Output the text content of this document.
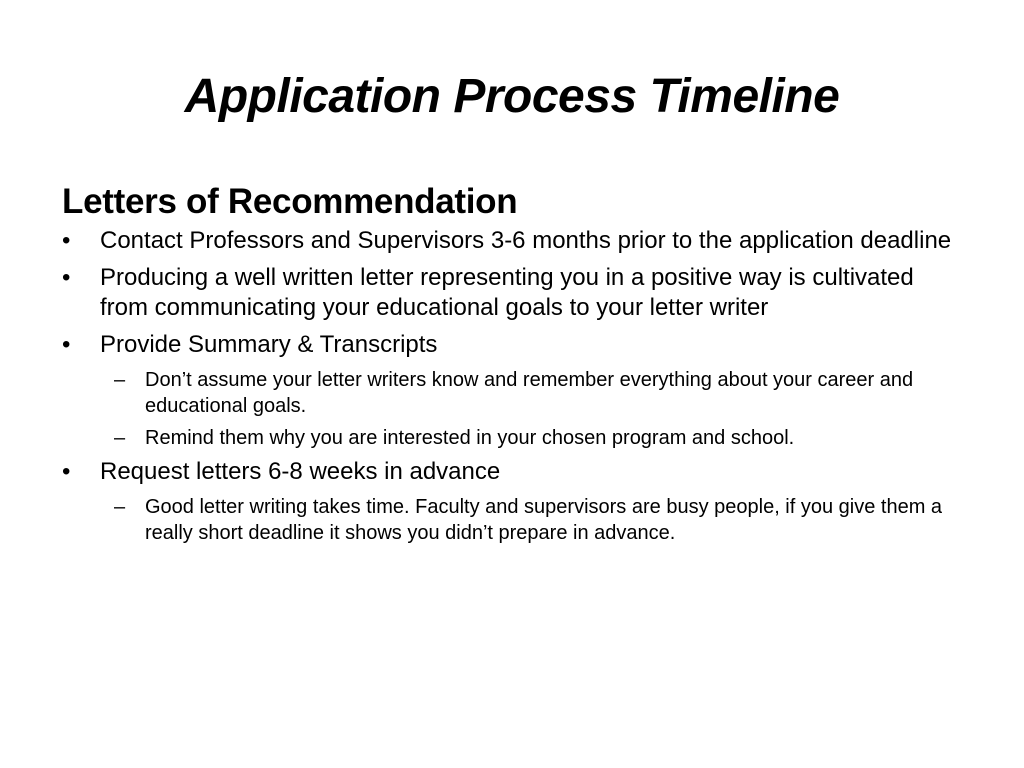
Application Process Timeline
Letters of Recommendation
• Contact Professors and Supervisors 3-6 months prior to the application deadline
• Producing a well written letter representing you in a positive way is cultivated from communicating your educational goals to your letter writer
• Provide Summary & Transcripts
– Don’t assume your letter writers know and remember everything about your career and educational goals.
– Remind them why you are interested in your chosen program and school.
• Request letters 6-8 weeks in advance
– Good letter writing takes time. Faculty and supervisors are busy people, if you give them a really short deadline it shows you didn’t prepare in advance.
